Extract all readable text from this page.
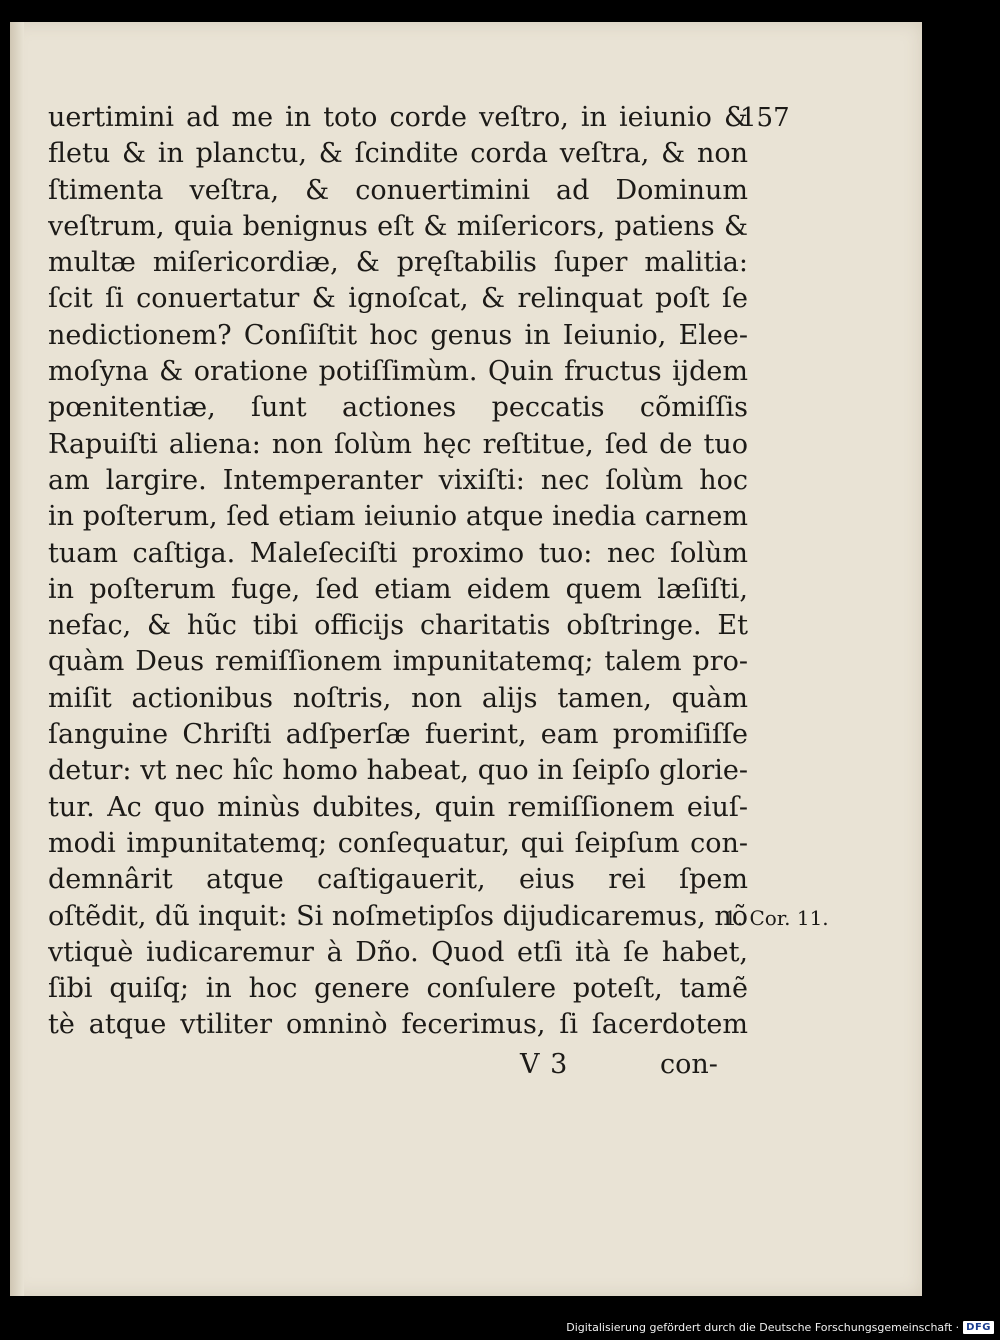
157
uertimini ad me in toto corde veſtro, in ieiunio &
fletu & in planctu, & ſcindite corda veſtra, & non
ſtimenta veſtra, & conuertimini ad Dominum
veſtrum, quia benignus eſt & miſericors, patiens &
multæ miſericordiæ, & pręſtabilis ſuper malitia:
ſcit ſi conuertatur & ignoſcat, & relinquat poſt ſe
nedictionem? Conſiſtit hoc genus in Ieiunio, Elee-
moſyna & oratione potiſſimùm. Quin fructus ijdem
pœnitentiæ, ſunt actiones peccatis cõmiſſis
Rapuiſti aliena: non ſolùm hęc reſtitue, ſed de tuo
am largire. Intemperanter vixiſti: nec ſolùm hoc
in poſterum, ſed etiam ieiunio atque inedia carnem
tuam caſtiga. Maleſeciſti proximo tuo: nec ſolùm
in poſterum fuge, ſed etiam eidem quem læſiſti,
nefac, & hũc tibi officijs charitatis obſtringe. Et
quàm Deus remiſſionem impunitatemq; talem pro-
miſit actionibus noſtris, non alijs tamen, quàm
ſanguine Chriſti adſperſæ fuerint, eam promiſiſſe
detur: vt nec hîc homo habeat, quo in ſeipſo glorie-
tur. Ac quo minùs dubites, quin remiſſionem eiuſ-
modi impunitatemq; conſequatur, qui ſeipſum con-
demnârit atque caſtigauerit, eius rei ſpem
oſtẽdit, dũ inquit: Si noſmetipſos dijudicaremus, nõ
vtiquè iudicaremur à Dño. Quod etſi ità ſe habet,
ſibi quiſq; in hoc genere conſulere poteſt, tamẽ
tè atque vtiliter omninò fecerimus, ſi ſacerdotem
1. Cor. 11.
V 3	con-
Digitalisierung gefördert durch die Deutsche Forschungsgemeinschaft · DFG
